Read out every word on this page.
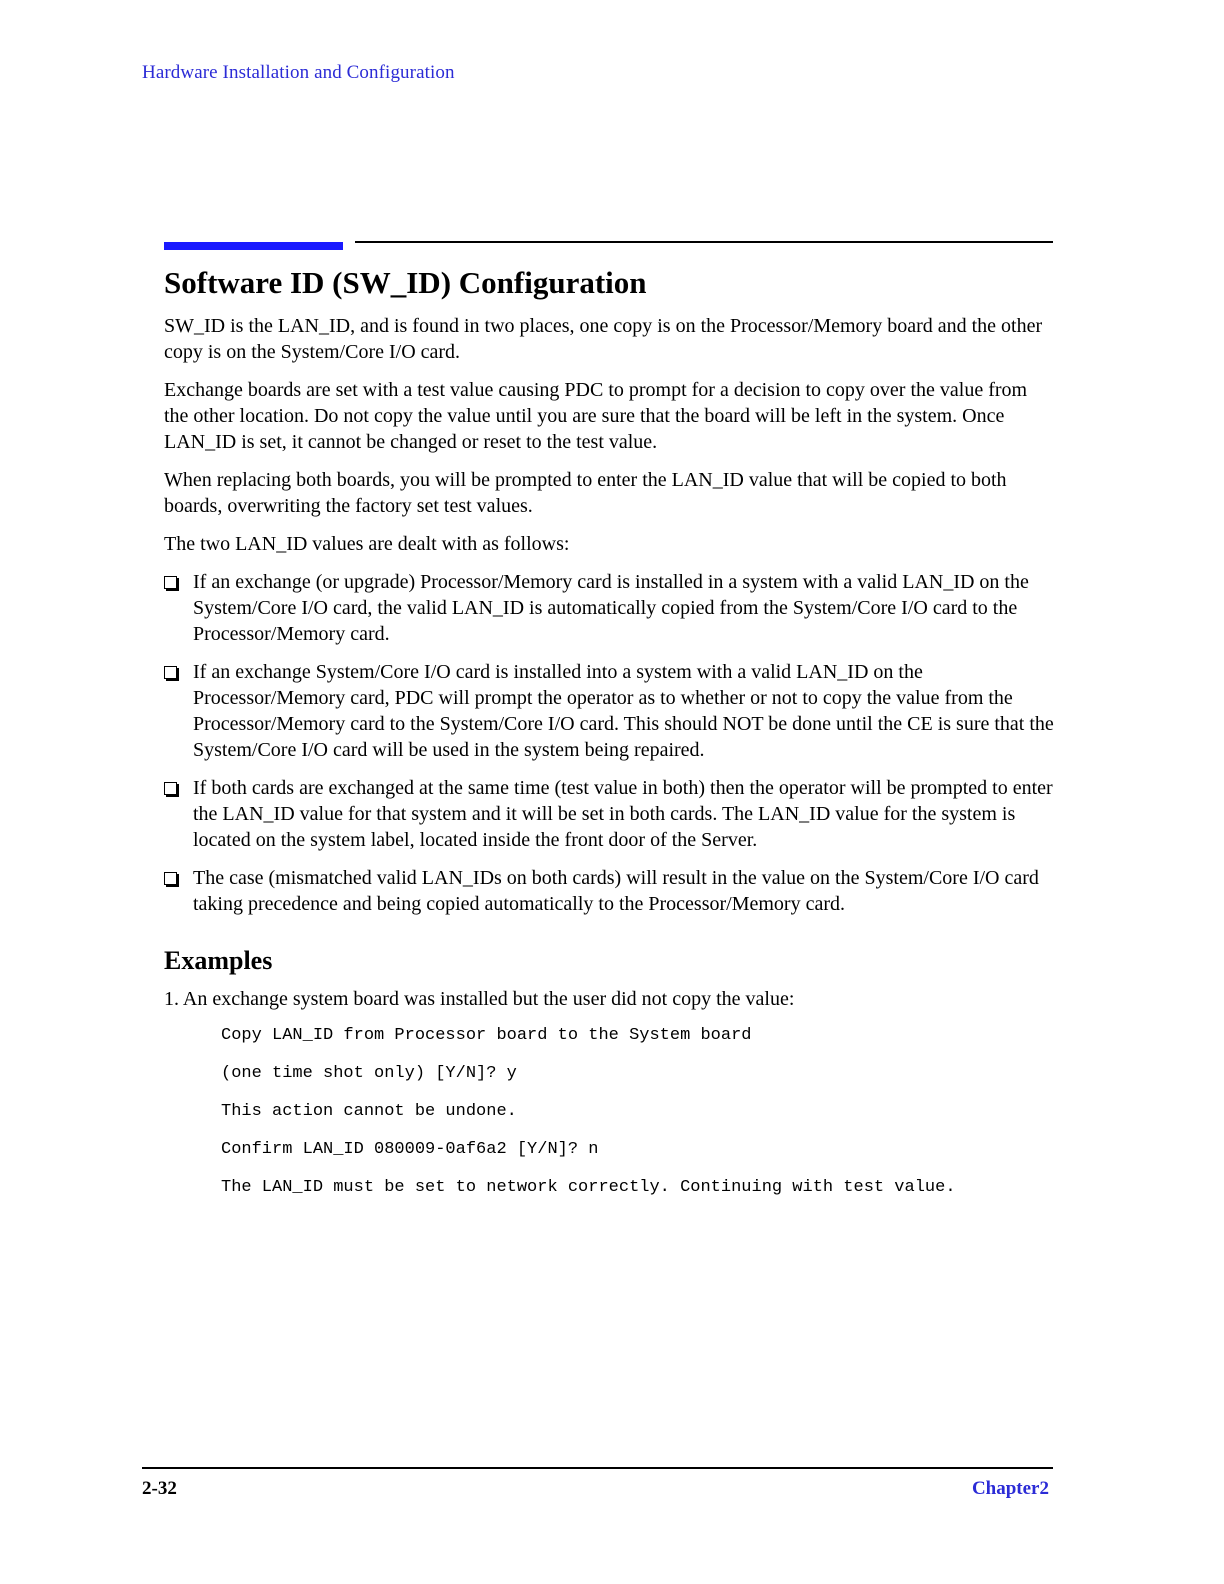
Hardware Installation and Configuration
Software ID (SW_ID) Configuration

SW_ID is the LAN_ID, and is found in two places, one copy is on the Processor/Memory board and the other copy is on the System/Core I/O card.

Exchange boards are set with a test value causing PDC to prompt for a decision to copy over the value from the other location. Do not copy the value until you are sure that the board will be left in the system. Once LAN_ID is set, it cannot be changed or reset to the test value.

When replacing both boards, you will be prompted to enter the LAN_ID value that will be copied to both boards, overwriting the factory set test values.

The two LAN_ID values are dealt with as follows:

If an exchange (or upgrade) Processor/Memory card is installed in a system with a valid LAN_ID on the System/Core I/O card, the valid LAN_ID is automatically copied from the System/Core I/O card to the Processor/Memory card.
If an exchange System/Core I/O card is installed into a system with a valid LAN_ID on the Processor/Memory card, PDC will prompt the operator as to whether or not to copy the value from the Processor/Memory card to the System/Core I/O card. This should NOT be done until the CE is sure that the System/Core I/O card will be used in the system being repaired.
If both cards are exchanged at the same time (test value in both) then the operator will be prompted to enter the LAN_ID value for that system and it will be set in both cards. The LAN_ID value for the system is located on the system label, located inside the front door of the Server.
The case (mismatched valid LAN_IDs on both cards) will result in the value on the System/Core I/O card taking precedence and being copied automatically to the Processor/Memory card.
Examples

1. An exchange system board was installed but the user did not copy the value:

Copy LAN_ID from Processor board to the System board
(one time shot only) [Y/N]? y
This action cannot be undone.
Confirm LAN_ID 080009-0af6a2 [Y/N]? n
The LAN_ID must be set to network correctly. Continuing with test value.
2-32	Chapter2
